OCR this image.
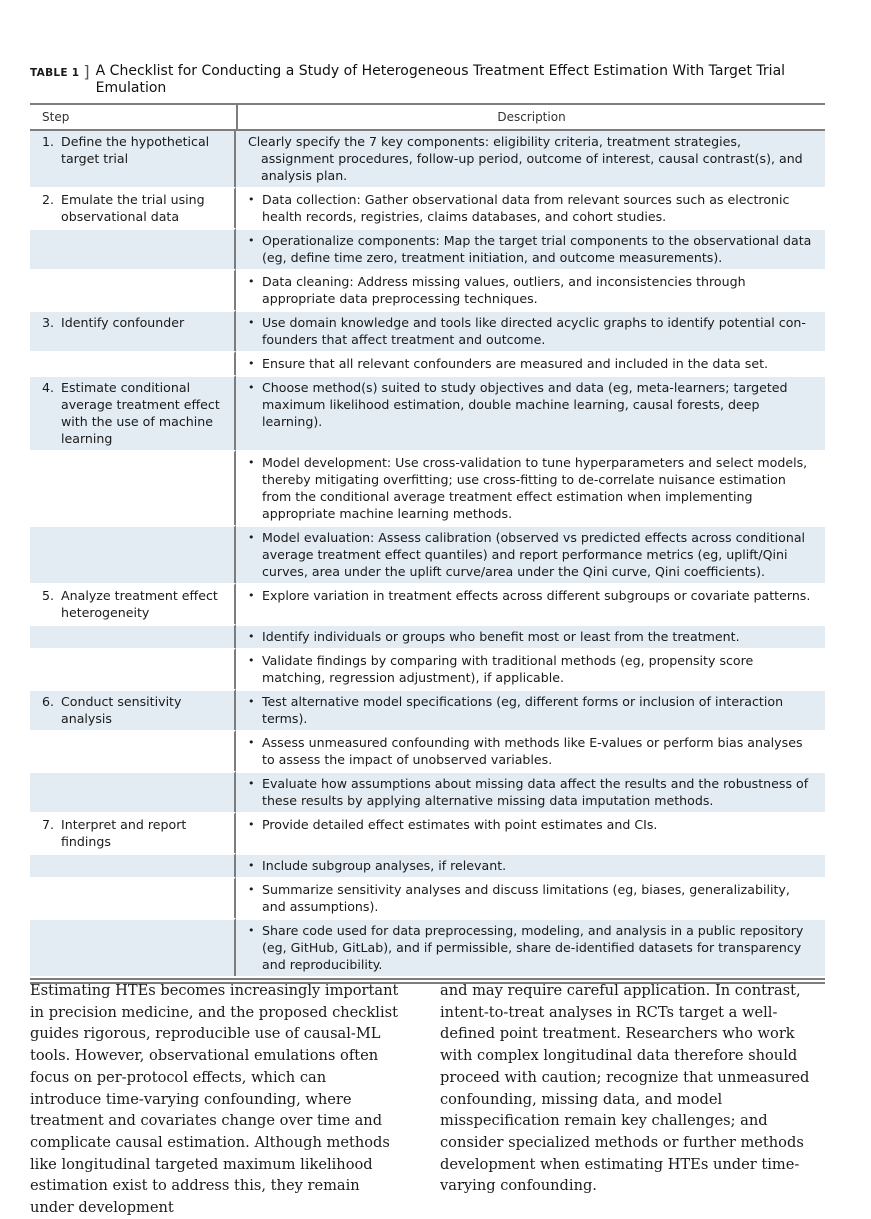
TABLE 1 ] A Checklist for Conducting a Study of Heterogeneous Treatment Effect Estimation With Target Trial Emulation
Step	Description
1. Define the hypothetical target trial	Clearly specify the 7 key components: eligibility criteria, treatment strategies, assignment procedures, follow-up period, outcome of interest, causal contrast(s), and analysis plan.

2. Emulate the trial using observational data	• Data collection: Gather observational data from relevant sources such as electronic health records, registries, claims databases, and cohort studies.

	• Operationalize components: Map the target trial components to the observational data (eg, define time zero, treatment initiation, and outcome measurements).

	• Data cleaning: Address missing values, outliers, and inconsistencies through appropriate data preprocessing techniques.

3. Identify confounder	• Use domain knowledge and tools like directed acyclic graphs to identify potential con-founders that affect treatment and outcome.

	• Ensure that all relevant confounders are measured and included in the data set.

4. Estimate conditional average treatment effect with the use of machine learning	• Choose method(s) suited to study objectives and data (eg, meta-learners; targeted maximum likelihood estimation, double machine learning, causal forests, deep learning).

	• Model development: Use cross-validation to tune hyperparameters and select models, thereby mitigating overfitting; use cross-fitting to de-correlate nuisance estimation from the conditional average treatment effect estimation when implementing appropriate machine learning methods.

	• Model evaluation: Assess calibration (observed vs predicted effects across conditional average treatment effect quantiles) and report performance metrics (eg, uplift/Qini curves, area under the uplift curve/area under the Qini curve, Qini coefficients).

5. Analyze treatment effect heterogeneity	• Explore variation in treatment effects across different subgroups or covariate patterns.

	• Identify individuals or groups who benefit most or least from the treatment.

	• Validate findings by comparing with traditional methods (eg, propensity score matching, regression adjustment), if applicable.

6. Conduct sensitivity analysis	• Test alternative model specifications (eg, different forms or inclusion of interaction terms).

	• Assess unmeasured confounding with methods like E-values or perform bias analyses to assess the impact of unobserved variables.

	• Evaluate how assumptions about missing data affect the results and the robustness of these results by applying alternative missing data imputation methods.

7. Interpret and report findings	• Provide detailed effect estimates with point estimates and CIs.

	• Include subgroup analyses, if relevant.

	• Summarize sensitivity analyses and discuss limitations (eg, biases, generalizability, and assumptions).

	• Share code used for data preprocessing, modeling, and analysis in a public repository (eg, GitHub, GitLab), and if permissible, share de-identified datasets for transparency and reproducibility.

Estimating HTEs becomes increasingly important in precision medicine, and the proposed checklist guides rigorous, reproducible use of causal-ML tools. However, observational emulations often focus on per-protocol effects, which can introduce time-varying confounding, where treatment and covariates change over time and complicate causal estimation. Although methods like longitudinal targeted maximum likelihood estimation exist to address this, they remain under development

and may require careful application. In contrast, intent-to-treat analyses in RCTs target a well-defined point treatment. Researchers who work with complex longitudinal data therefore should proceed with caution; recognize that unmeasured confounding, missing data, and model misspecification remain key challenges; and consider specialized methods or further methods development when estimating HTEs under time-varying confounding.
